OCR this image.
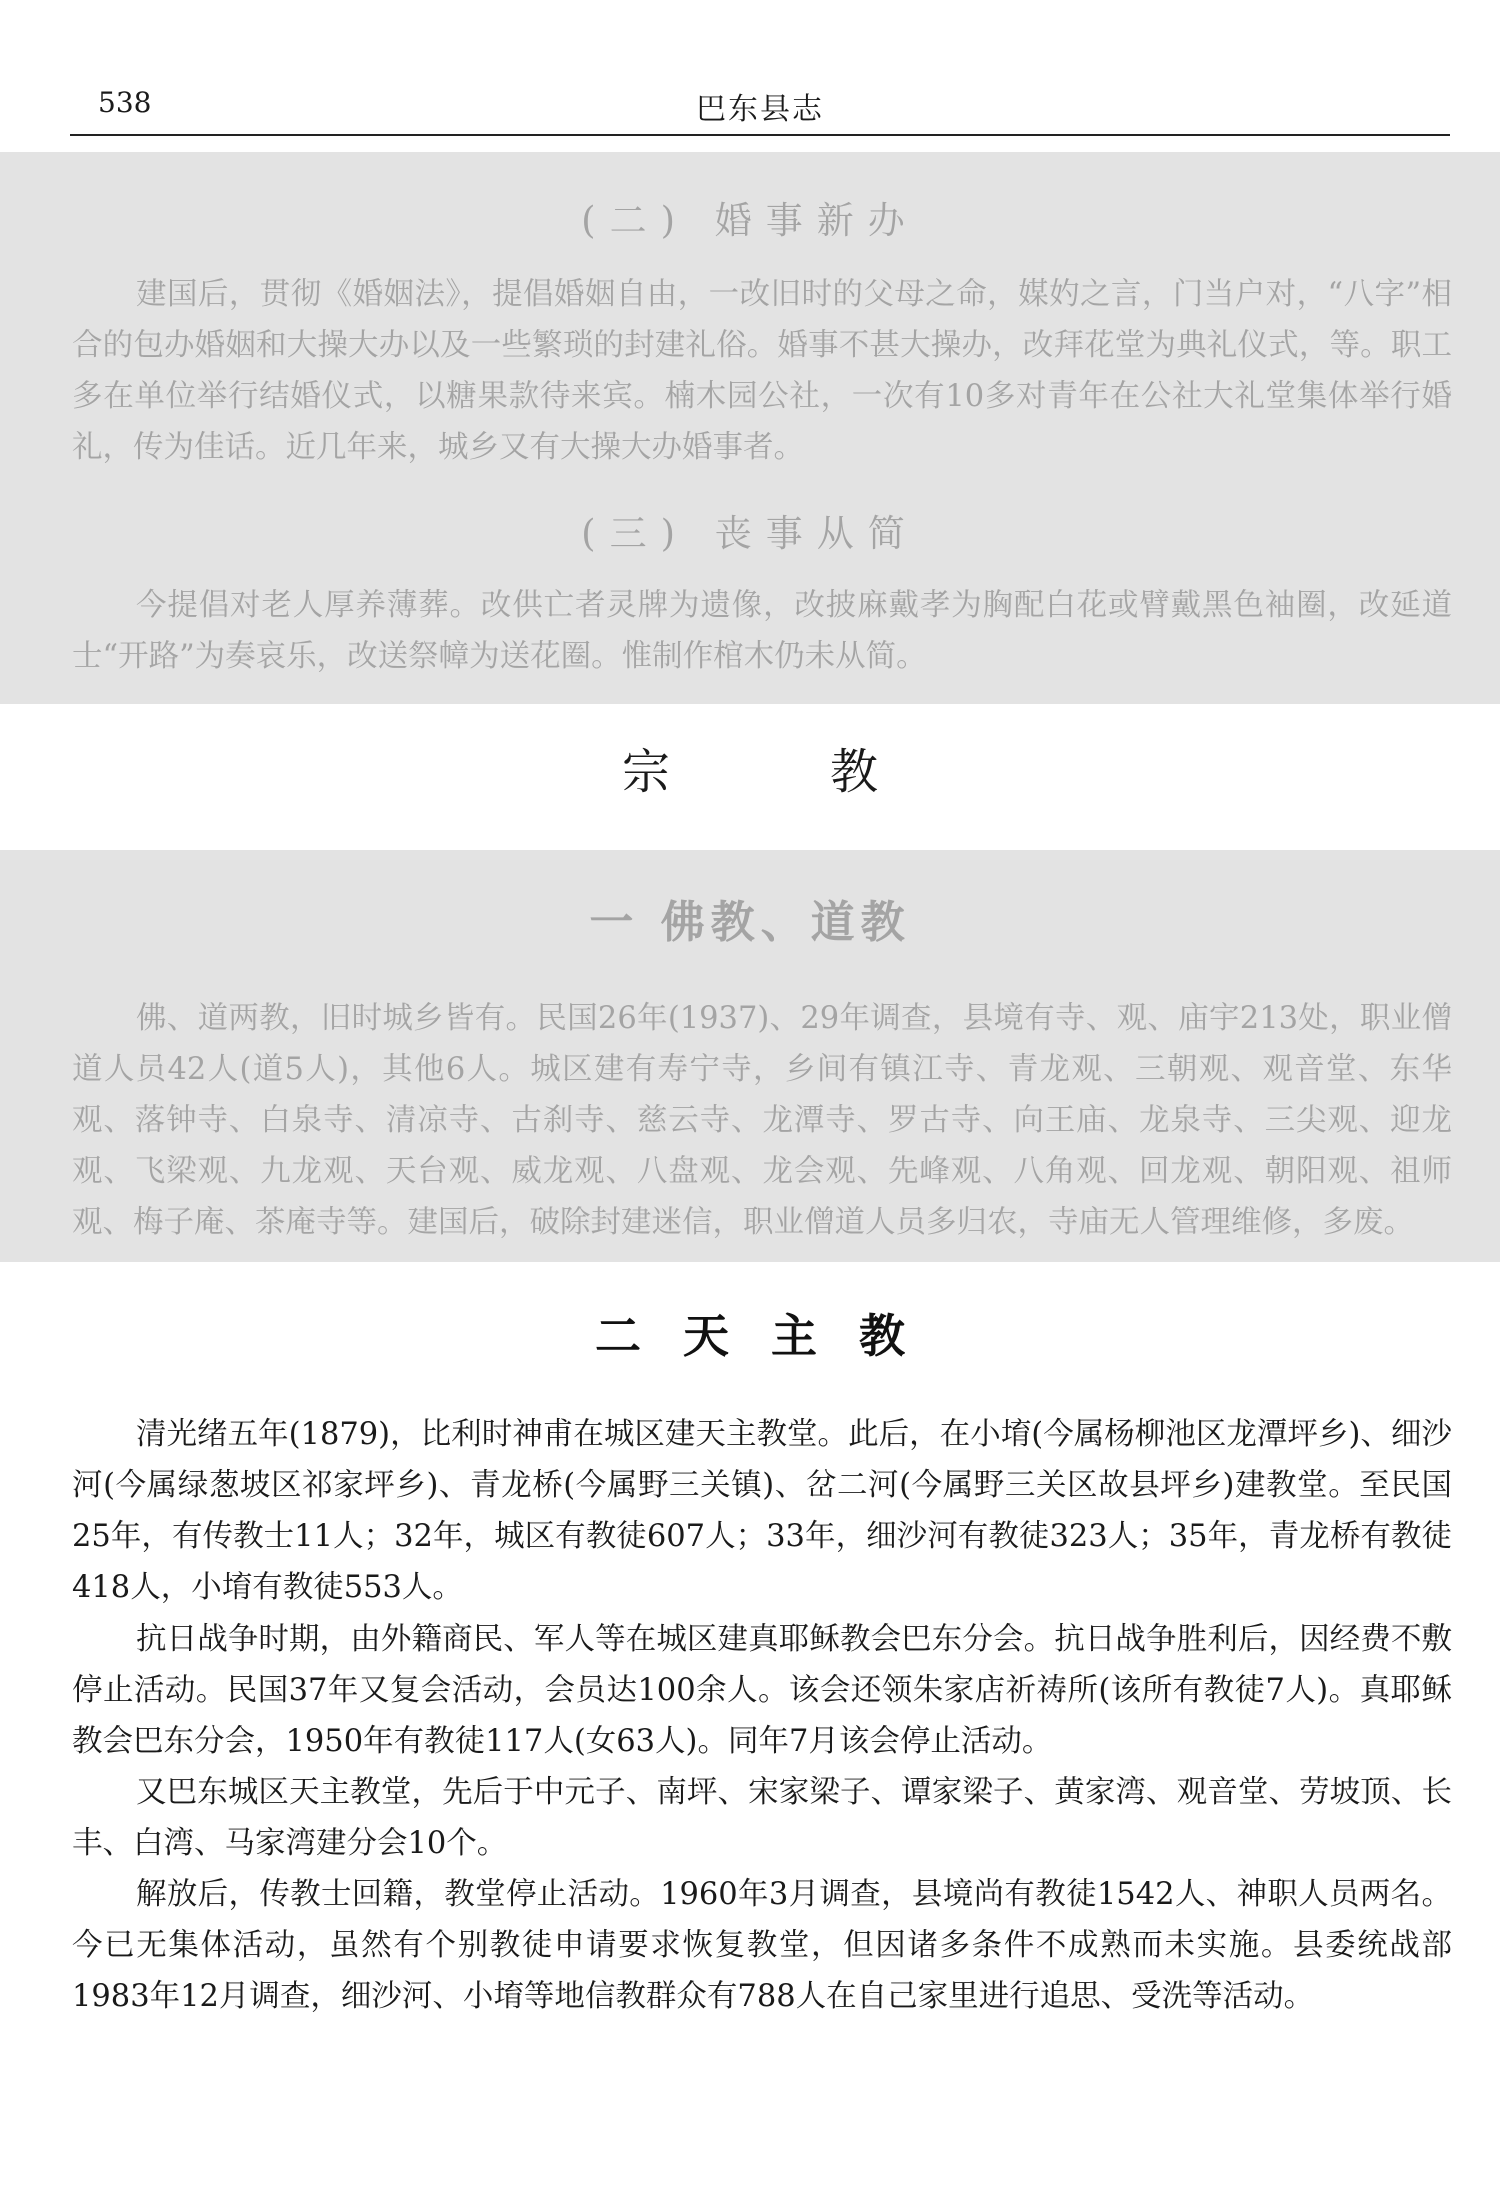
538	巴东县志
(二) 婚事新办

建国后，贯彻《婚姻法》，提倡婚姻自由，一改旧时的父母之命，媒妁之言，门当户对，“八字”相合的包办婚姻和大操大办以及一些繁琐的封建礼俗。婚事不甚大操办，改拜花堂为典礼仪式，等。职工多在单位举行结婚仪式，以糖果款待来宾。楠木园公社，一次有10多对青年在公社大礼堂集体举行婚礼，传为佳话。近几年来，城乡又有大操大办婚事者。

(三) 丧事从简

今提倡对老人厚养薄葬。改供亡者灵牌为遗像，改披麻戴孝为胸配白花或臂戴黑色袖圈，改延道士“开路”为奏哀乐，改送祭幛为送花圈。惟制作棺木仍未从简。

宗教
一 佛教、道教

佛、道两教，旧时城乡皆有。民国26年(1937)、29年调查，县境有寺、观、庙宇213处，职业僧道人员42人(道5人)，其他6人。城区建有寿宁寺，乡间有镇江寺、青龙观、三朝观、观音堂、东华观、落钟寺、白泉寺、清凉寺、古刹寺、慈云寺、龙潭寺、罗古寺、向王庙、龙泉寺、三尖观、迎龙观、飞梁观、九龙观、天台观、威龙观、八盘观、龙会观、先峰观、八角观、回龙观、朝阳观、祖师观、梅子庵、茶庵寺等。建国后，破除封建迷信，职业僧道人员多归农，寺庙无人管理维修，多废。

二天主教

清光绪五年(1879)，比利时神甫在城区建天主教堂。此后，在小堉(今属杨柳池区龙潭坪乡)、细沙河(今属绿葱坡区祁家坪乡)、青龙桥(今属野三关镇)、岔二河(今属野三关区故县坪乡)建教堂。至民国25年，有传教士11人；32年，城区有教徒607人；33年，细沙河有教徒323人；35年，青龙桥有教徒418人，小堉有教徒553人。

抗日战争时期，由外籍商民、军人等在城区建真耶稣教会巴东分会。抗日战争胜利后，因经费不敷停止活动。民国37年又复会活动，会员达100余人。该会还领朱家店祈祷所(该所有教徒7人)。真耶稣教会巴东分会，1950年有教徒117人(女63人)。同年7月该会停止活动。

又巴东城区天主教堂，先后于中元子、南坪、宋家梁子、谭家梁子、黄家湾、观音堂、劳坡顶、长丰、白湾、马家湾建分会10个。

解放后，传教士回籍，教堂停止活动。1960年3月调查，县境尚有教徒1542人、神职人员两名。今已无集体活动，虽然有个别教徒申请要求恢复教堂，但因诸多条件不成熟而未实施。县委统战部1983年12月调查，细沙河、小堉等地信教群众有788人在自己家里进行追思、受洗等活动。
